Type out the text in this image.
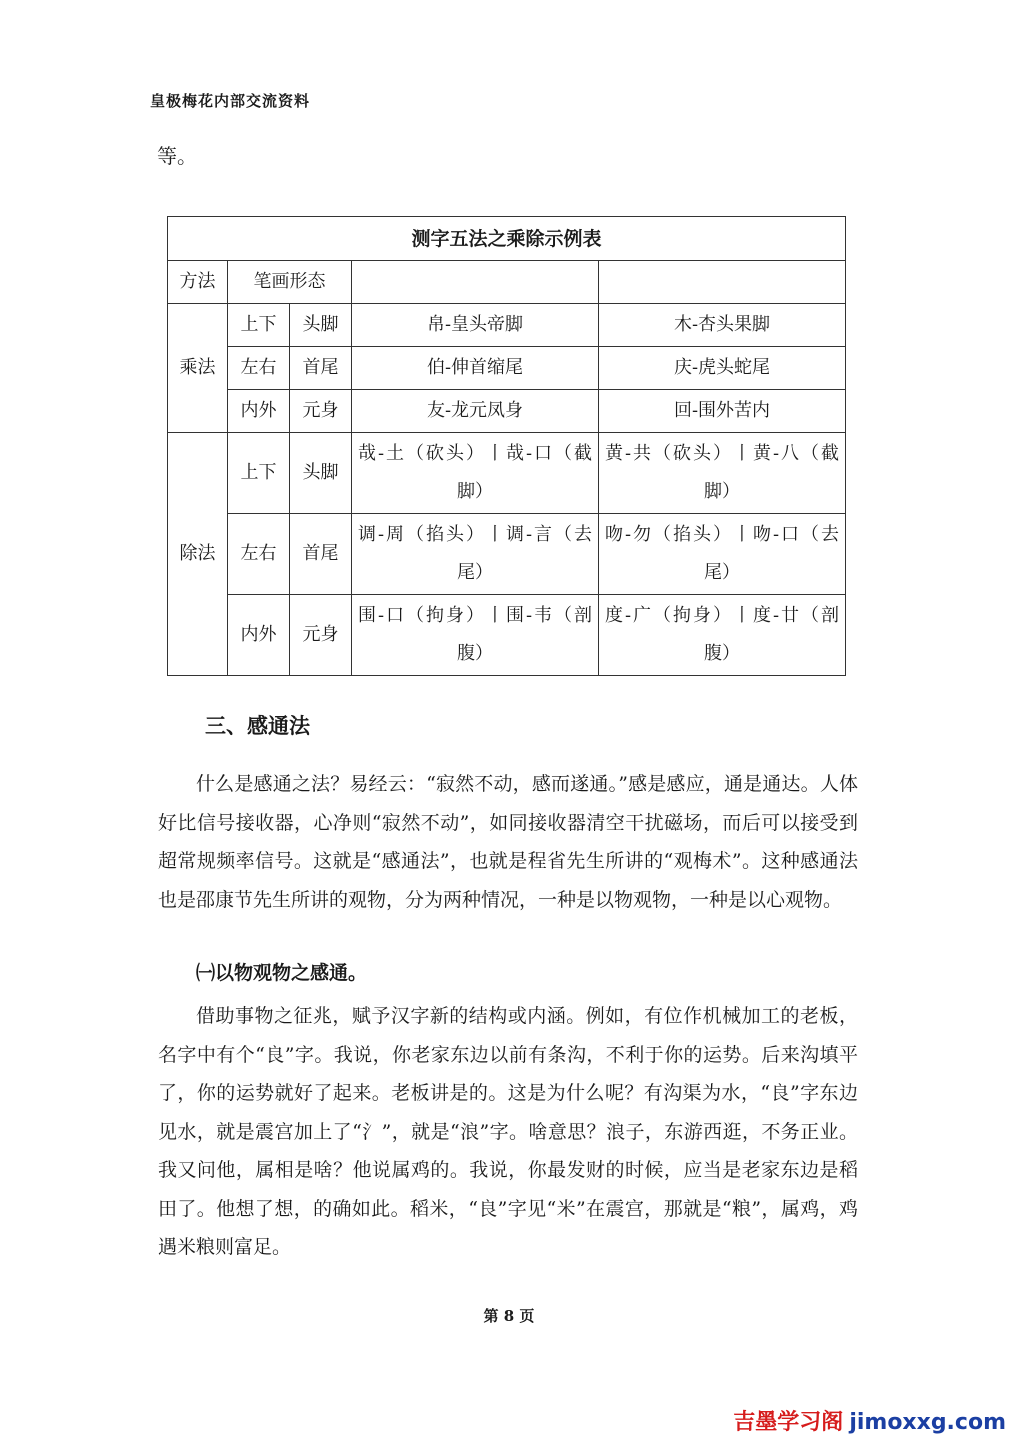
皇极梅花内部交流资料
等。
测字五法之乘除示例表				
方法	笔画形态			
乘法	上下	头脚	帛-皇头帝脚	木-杏头果脚
	左右	首尾	伯-伸首缩尾	庆-虎头蛇尾
	内外	元身	友-龙元凤身	回-围外苦内
除法	上下	头脚	哉-土（砍头）丨哉-口（截脚）	黄-共（砍头）丨黄-八（截脚）
	左右	首尾	调-周（掐头）丨调-言（去尾）	吻-勿（掐头）丨吻-口（去尾）
	内外	元身	围-口（拘身）丨围-韦（剖腹）	度-广（拘身）丨度-廿（剖腹）
三、感通法

什么是感通之法？易经云：“寂然不动，感而遂通。”感是感应，通是通达。人体好比信号接收器，心净则“寂然不动”，如同接收器清空干扰磁场，而后可以接受到超常规频率信号。这就是“感通法”，也就是程省先生所讲的“观梅术”。这种感通法也是邵康节先生所讲的观物，分为两种情况，一种是以物观物，一种是以心观物。

㈠以物观物之感通。

借助事物之征兆，赋予汉字新的结构或内涵。例如，有位作机械加工的老板，名字中有个“良”字。我说，你老家东边以前有条沟，不利于你的运势。后来沟填平了，你的运势就好了起来。老板讲是的。这是为什么呢？有沟渠为水，“良”字东边见水，就是震宫加上了“氵”，就是“浪”字。啥意思？浪子，东游西逛，不务正业。我又问他，属相是啥？他说属鸡的。我说，你最发财的时候，应当是老家东边是稻田了。他想了想，的确如此。稻米，“良”字见“米”在震宫，那就是“粮”，属鸡，鸡遇米粮则富足。

第 8 页
吉墨学习阁 jimoxxg.com
